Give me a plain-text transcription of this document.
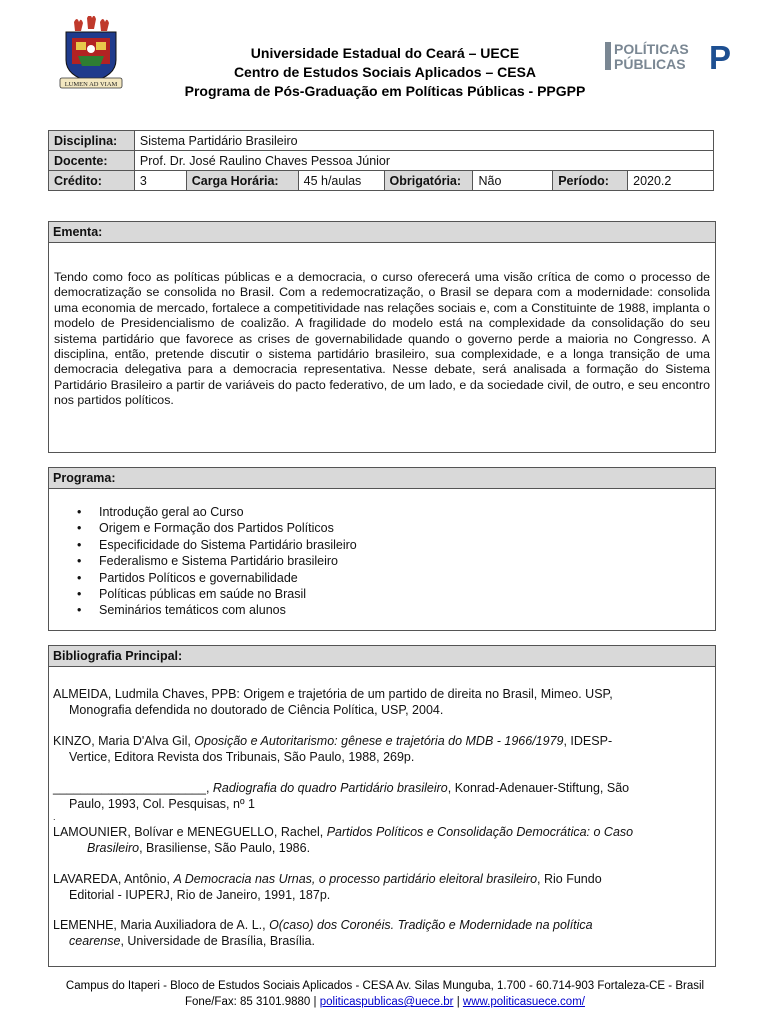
LUMEN AD VIAM
Universidade Estadual do Ceará – UECE
Centro de Estudos Sociais Aplicados – CESA
Programa de Pós-Graduação em Políticas Públicas - PPGPP
POLÍTICAS
PÚBLICAS P
Disciplina:	Sistema Partidário Brasileiro						
Docente:	Prof. Dr. José Raulino Chaves Pessoa Júnior						
Crédito:	3	Carga Horária:	45 h/aulas	Obrigatória:	Não	Período:	2020.2
Ementa:
Tendo como foco as políticas públicas e a democracia, o curso oferecerá uma visão crítica de como o processo de democratização se consolida no Brasil. Com a redemocratização, o Brasil se depara com a modernidade: consolida uma economia de mercado, fortalece a competitividade nas relações sociais e, com a Constituinte de 1988, implanta o modelo de Presidencialismo de coalizão. A fragilidade do modelo está na complexidade da consolidação do seu sistema partidário que favorece as crises de governabilidade quando o governo perde a maioria no Congresso. A disciplina, então, pretende discutir o sistema partidário brasileiro, sua complexidade, e a longa transição de uma democracia delegativa para a democracia representativa. Nesse debate, será analisada a formação do Sistema Partidário Brasileiro a partir de variáveis do pacto federativo, de um lado, e da sociedade civil, de outro, e seu encontro nos partidos políticos.
Programa:
• Introdução geral ao Curso
• Origem e Formação dos Partidos Políticos
• Especificidade do Sistema Partidário brasileiro
• Federalismo e Sistema Partidário brasileiro
• Partidos Políticos e governabilidade
• Políticas públicas em saúde no Brasil
• Seminários temáticos com alunos
Bibliografia Principal:
ALMEIDA, Ludmila Chaves, PPB: Origem e trajetória de um partido de direita no Brasil, Mimeo. USP,
Monografia defendida no doutorado de Ciência Política, USP, 2004.
KINZO, Maria D'Alva Gil, Oposição e Autoritarismo: gênese e trajetória do MDB - 1966/1979, IDESP-
Vertice, Editora Revista dos Tribunais, São Paulo, 1988, 269p.
______________________, Radiografia do quadro Partidário brasileiro, Konrad-Adenauer-Stiftung, São
Paulo, 1993, Col. Pesquisas, nº 1
.
LAMOUNIER, Bolívar e MENEGUELLO, Rachel, Partidos Políticos e Consolidação Democrática: o Caso
Brasileiro, Brasiliense, São Paulo, 1986.
LAVAREDA, Antônio, A Democracia nas Urnas, o processo partidário eleitoral brasileiro, Rio Fundo
Editorial - IUPERJ, Rio de Janeiro, 1991, 187p.
LEMENHE, Maria Auxiliadora de A. L., O(caso) dos Coronéis. Tradição e Modernidade na política
cearense, Universidade de Brasília, Brasília.
Campus do Itaperi - Bloco de Estudos Sociais Aplicados - CESA Av. Silas Munguba, 1.700 - 60.714-903 Fortaleza-CE - Brasil
Fone/Fax: 85 3101.9880 | politicaspublicas@uece.br | www.politicasuece.com/
